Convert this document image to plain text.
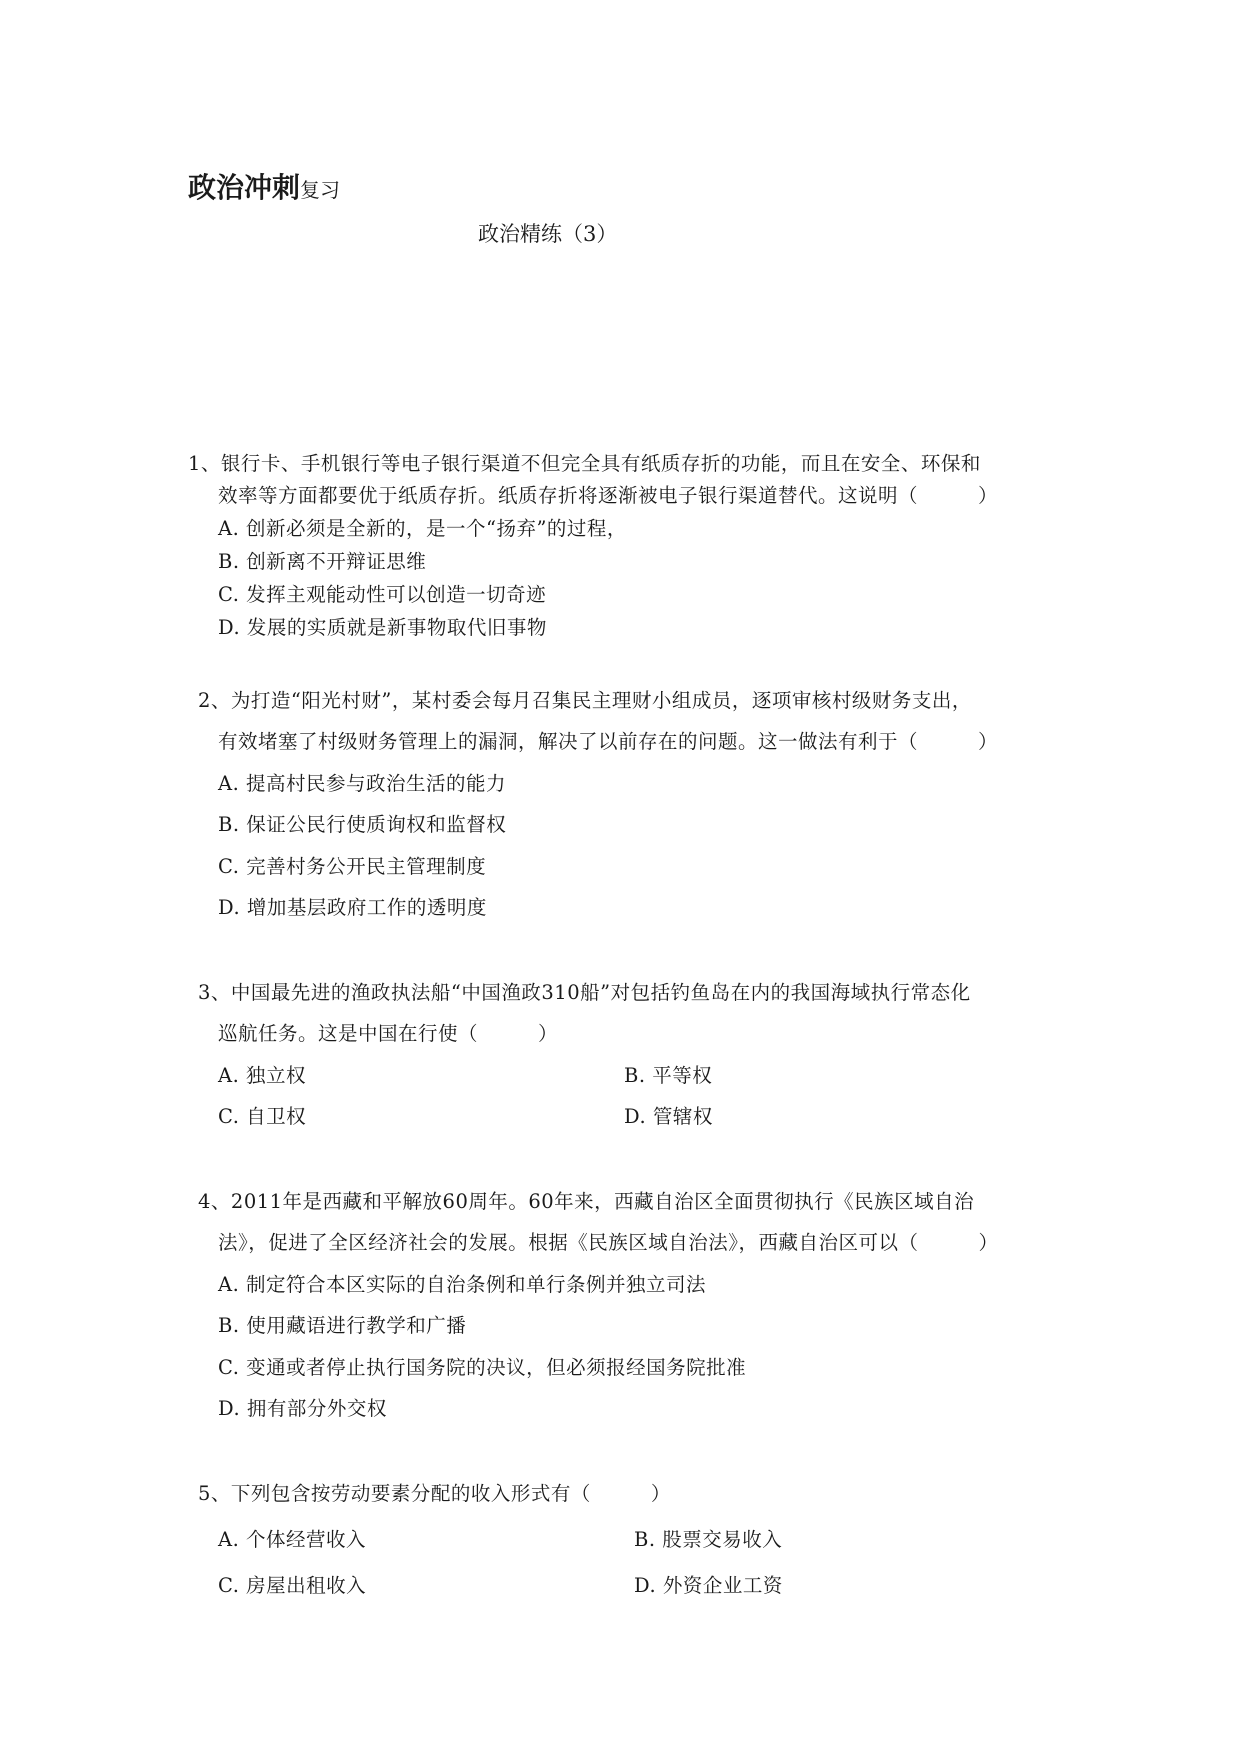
政治冲刺复习
政治精练（3）
1、银行卡、手机银行等电子银行渠道不但完全具有纸质存折的功能，而且在安全、环保和
效率等方面都要优于纸质存折。纸质存折将逐渐被电子银行渠道替代。这说明（　　　）
A. 创新必须是全新的，是一个“扬弃”的过程，
B. 创新离不开辩证思维
C. 发挥主观能动性可以创造一切奇迹
D. 发展的实质就是新事物取代旧事物
2、为打造“阳光村财”，某村委会每月召集民主理财小组成员，逐项审核村级财务支出，
有效堵塞了村级财务管理上的漏洞，解决了以前存在的问题。这一做法有利于（　　　）
A. 提高村民参与政治生活的能力
B. 保证公民行使质询权和监督权
C. 完善村务公开民主管理制度
D. 增加基层政府工作的透明度
3、中国最先进的渔政执法船“中国渔政310船”对包括钓鱼岛在内的我国海域执行常态化
巡航任务。这是中国在行使（　　　）
A. 独立权	B. 平等权
C. 自卫权	D. 管辖权
4、2011年是西藏和平解放60周年。60年来，西藏自治区全面贯彻执行《民族区域自治
法》，促进了全区经济社会的发展。根据《民族区域自治法》，西藏自治区可以（　　　）
A. 制定符合本区实际的自治条例和单行条例并独立司法
B. 使用藏语进行教学和广播
C. 变通或者停止执行国务院的决议，但必须报经国务院批准
D. 拥有部分外交权
5、下列包含按劳动要素分配的收入形式有（　　　）
A. 个体经营收入	B. 股票交易收入
C. 房屋出租收入	D. 外资企业工资
